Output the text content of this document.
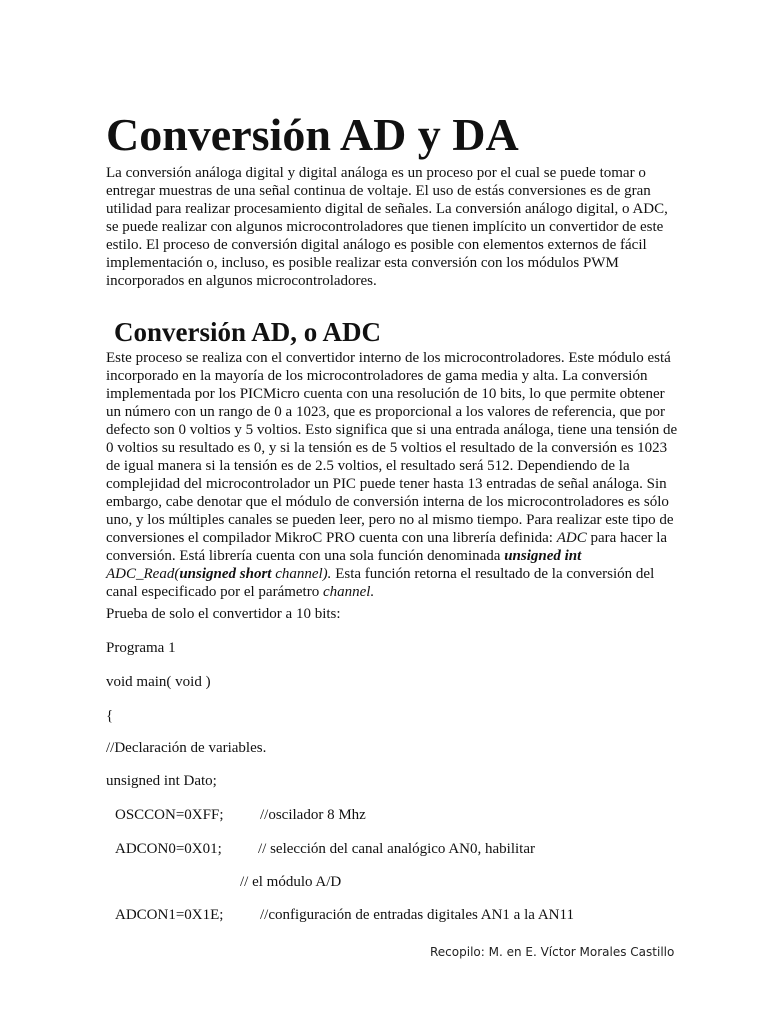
Conversión AD y DA
La conversión análoga digital y digital análoga es un proceso por el cual se puede tomar o
entregar muestras de una señal continua de voltaje. El uso de estás conversiones es de gran
utilidad para realizar procesamiento digital de señales. La conversión análogo digital, o ADC,
se puede realizar con algunos microcontroladores que tienen implícito un convertidor de este
estilo. El proceso de conversión digital análogo es posible con elementos externos de fácil
implementación o, incluso, es posible realizar esta conversión con los módulos PWM
incorporados en algunos microcontroladores.
Conversión AD, o ADC
Este proceso se realiza con el convertidor interno de los microcontroladores. Este módulo está
incorporado en la mayoría de los microcontroladores de gama media y alta. La conversión
implementada por los PICMicro cuenta con una resolución de 10 bits, lo que permite obtener
un número con un rango de 0 a 1023, que es proporcional a los valores de referencia, que por
defecto son 0 voltios y 5 voltios. Esto significa que si una entrada análoga, tiene una tensión de
0 voltios su resultado es 0, y si la tensión es de 5 voltios el resultado de la conversión es 1023
de igual manera si la tensión es de 2.5 voltios, el resultado será 512. Dependiendo de la
complejidad del microcontrolador un PIC puede tener hasta 13 entradas de señal análoga. Sin
embargo, cabe denotar que el módulo de conversión interna de los microcontroladores es sólo
uno, y los múltiples canales se pueden leer, pero no al mismo tiempo. Para realizar este tipo de
conversiones el compilador MikroC PRO cuenta con una librería definida: ADC para hacer la
conversión. Está librería cuenta con una sola función denominada unsigned int
ADC_Read(unsigned short channel). Esta función retorna el resultado de la conversión del
canal especificado por el parámetro channel.
Prueba de solo el convertidor a 10 bits:
Programa 1
void main( void )
{
//Declaración de variables.
unsigned int Dato;
OSCCON=0XFF; //oscilador 8 Mhz
ADCON0=0X01; // selección del canal analógico AN0, habilitar
// el módulo A/D
ADCON1=0X1E; //configuración de entradas digitales AN1 a la AN11
Recopilo: M. en E. Víctor Morales Castillo
